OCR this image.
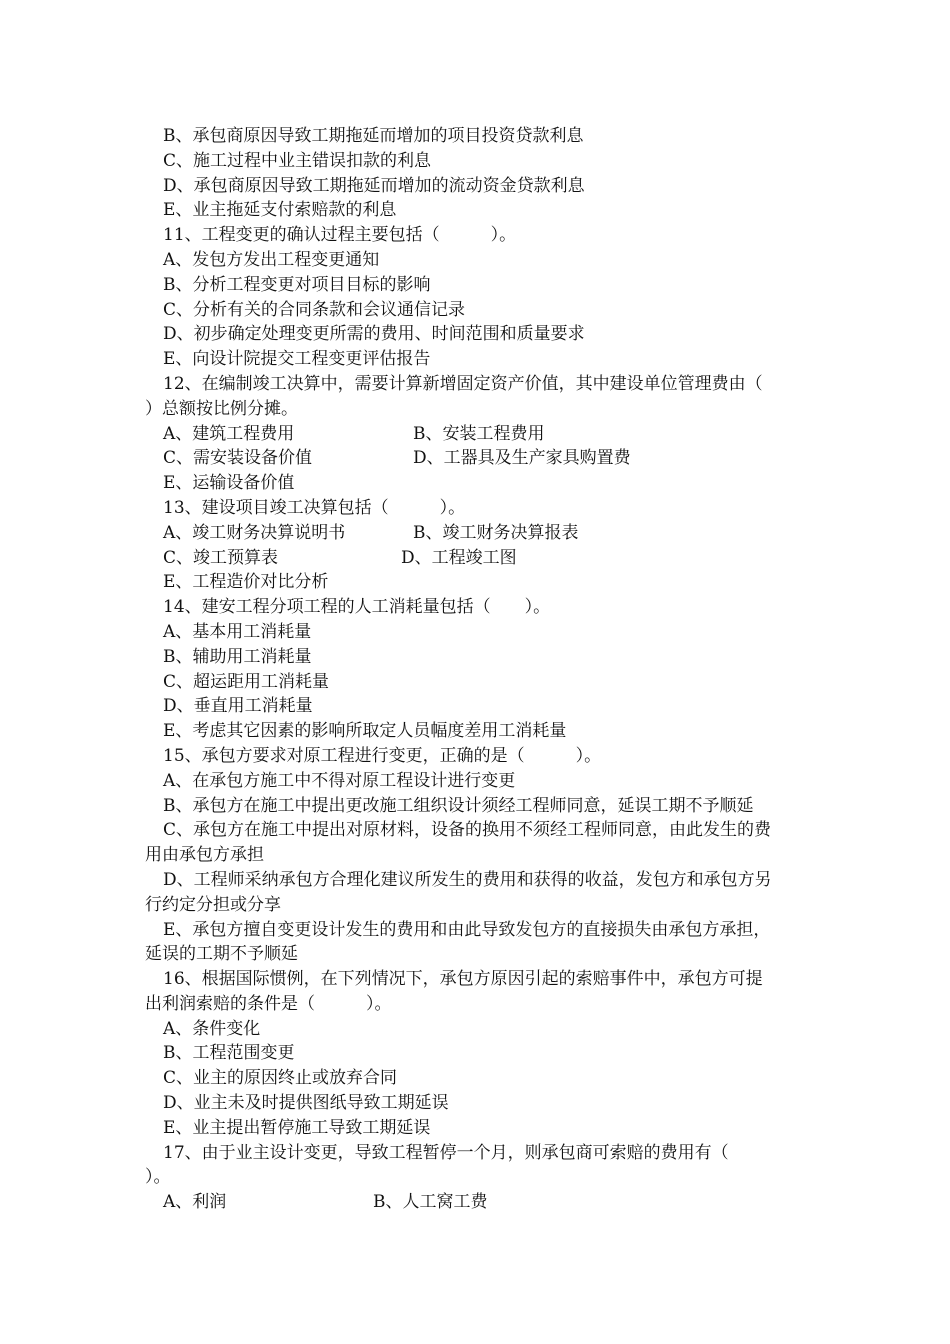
B、承包商原因导致工期拖延而增加的项目投资贷款利息
C、施工过程中业主错误扣款的利息
D、承包商原因导致工期拖延而增加的流动资金贷款利息
E、业主拖延支付索赔款的利息
11、工程变更的确认过程主要包括（　　　）。
A、发包方发出工程变更通知
B、分析工程变更对项目目标的影响
C、分析有关的合同条款和会议通信记录
D、初步确定处理变更所需的费用、时间范围和质量要求
E、向设计院提交工程变更评估报告
12、在编制竣工决算中，需要计算新增固定资产价值，其中建设单位管理费由（
）总额按比例分摊。
A、建筑工程费用	B、安装工程费用
C、需安装设备价值	D、工器具及生产家具购置费
E、运输设备价值
13、建设项目竣工决算包括（　　　）。
A、竣工财务决算说明书	B、竣工财务决算报表
C、竣工预算表	D、工程竣工图
E、工程造价对比分析
14、建安工程分项工程的人工消耗量包括（　　）。
A、基本用工消耗量
B、辅助用工消耗量
C、超运距用工消耗量
D、垂直用工消耗量
E、考虑其它因素的影响所取定人员幅度差用工消耗量
15、承包方要求对原工程进行变更，正确的是（　　　）。
A、在承包方施工中不得对原工程设计进行变更
B、承包方在施工中提出更改施工组织设计须经工程师同意，延误工期不予顺延
C、承包方在施工中提出对原材料，设备的换用不须经工程师同意，由此发生的费
用由承包方承担
D、工程师采纳承包方合理化建议所发生的费用和获得的收益，发包方和承包方另
行约定分担或分享
E、承包方擅自变更设计发生的费用和由此导致发包方的直接损失由承包方承担，
延误的工期不予顺延
16、根据国际惯例，在下列情况下，承包方原因引起的索赔事件中，承包方可提
出利润索赔的条件是（　　　）。
A、条件变化
B、工程范围变更
C、业主的原因终止或放弃合同
D、业主未及时提供图纸导致工期延误
E、业主提出暂停施工导致工期延误
17、由于业主设计变更，导致工程暂停一个月，则承包商可索赔的费用有（
）。
A、利润	B、人工窝工费
